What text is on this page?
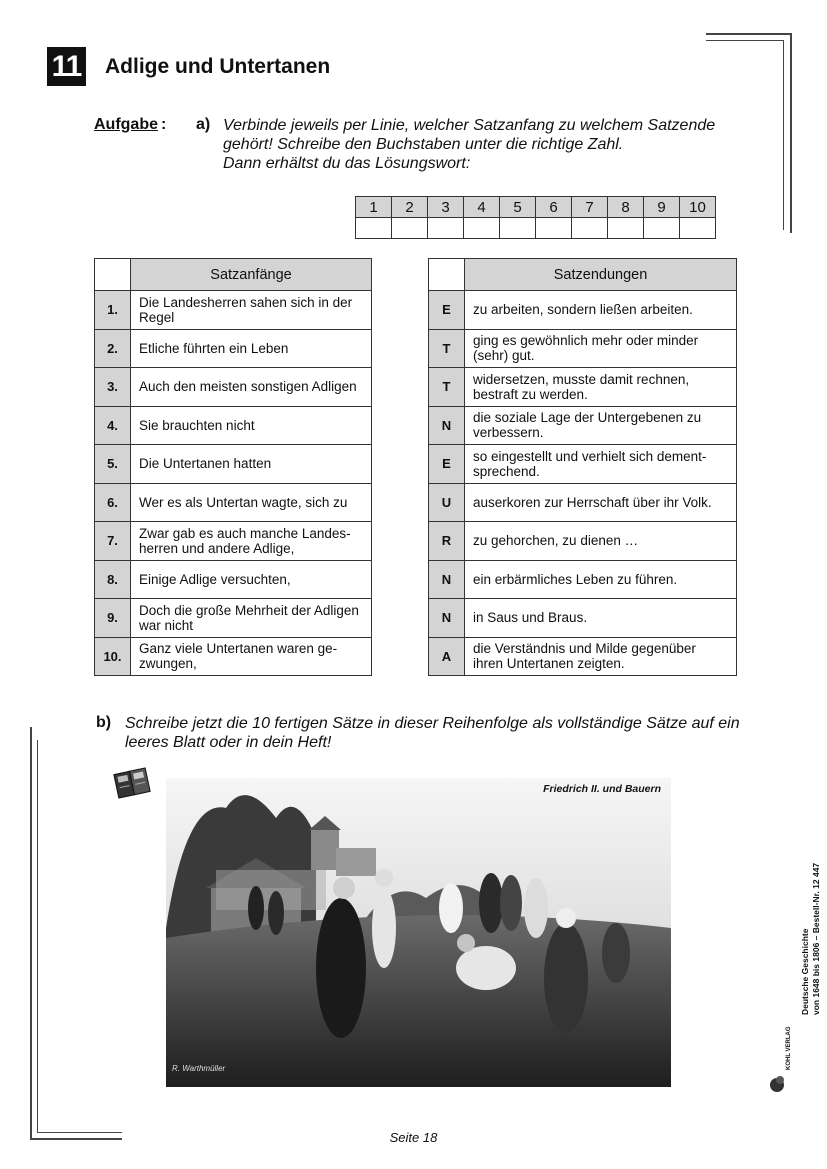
11 Adlige und Untertanen
Aufgabe : a) Verbinde jeweils per Linie, welcher Satzanfang zu welchem Satzende
gehört! Schreibe den Buchstaben unter die richtige Zahl.
Dann erhältst du das Lösungswort:
1	2	3	4	5	6	7	8	9	10

	Satzanfänge
1.	Die Landesherren sahen sich in der Regel
2.	Etliche führten ein Leben
3.	Auch den meisten sonstigen Adligen
4.	Sie brauchten nicht
5.	Die Untertanen hatten
6.	Wer es als Untertan wagte, sich zu
7.	Zwar gab es auch manche Landesherren und andere Adlige,
8.	Einige Adlige versuchten,
9.	Doch die große Mehrheit der Adligen war nicht
10.	Ganz viele Untertanen waren gezwungen,
	Satzendungen
E	zu arbeiten, sondern ließen arbeiten.
T	ging es gewöhnlich mehr oder minder (sehr) gut.
T	widersetzen, musste damit rechnen, bestraft zu werden.
N	die soziale Lage der Untergebenen zu verbessern.
E	so eingestellt und verhielt sich dementsprechend.
U	auserkoren zur Herrschaft über ihr Volk.
R	zu gehorchen, zu dienen …
N	ein erbärmliches Leben zu führen.
N	in Saus und Braus.
A	die Verständnis und Milde gegenüber ihren Untertanen zeigten.
b) Schreibe jetzt die 10 fertigen Sätze in dieser Reihenfolge als vollständige Sätze auf ein leeres Blatt oder in dein Heft!
Friedrich II. und Bauern
R. Warthmüller
Deutsche Geschichte von 1648 bis 1806 – Bestell-Nr. 12 447
KOHL VERLAG
Seite 18
